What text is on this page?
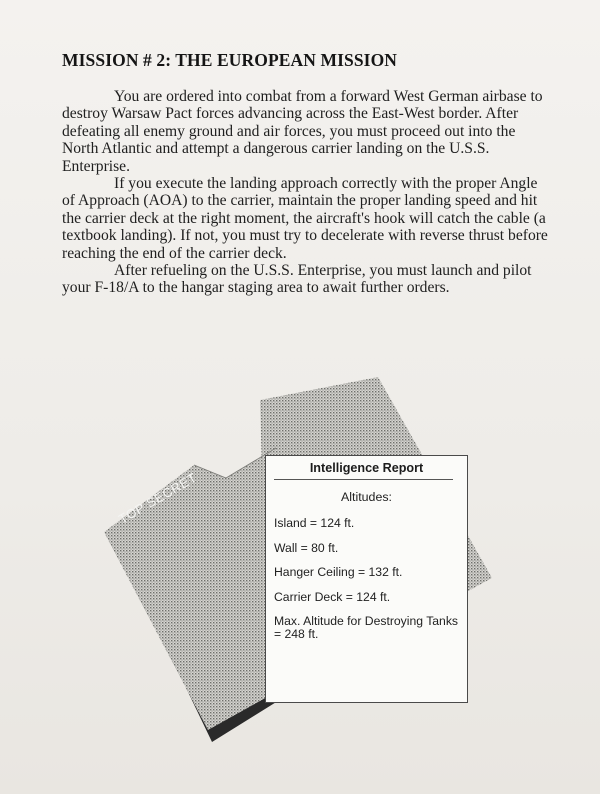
MISSION # 2: THE EUROPEAN MISSION

You are ordered into combat from a forward West German airbase to destroy Warsaw Pact forces advancing across the East-West border. After defeating all enemy ground and air forces, you must proceed out into the North Atlantic and attempt a dangerous carrier landing on the U.S.S. Enterprise.

If you execute the landing approach correctly with the proper Angle of Approach (AOA) to the carrier, maintain the proper landing speed and hit the carrier deck at the right moment, the aircraft's hook will catch the cable (a textbook landing). If not, you must try to decelerate with reverse thrust before reaching the end of the carrier deck.

After refueling on the U.S.S. Enterprise, you must launch and pilot your F-18/A to the hangar staging area to await further orders.

TOP SECRET
Intelligence Report
Altitudes:
Island = 124 ft.
Wall = 80 ft.
Hanger Ceiling = 132 ft.
Carrier Deck = 124 ft.
Max. Altitude for Destroying Tanks = 248 ft.
